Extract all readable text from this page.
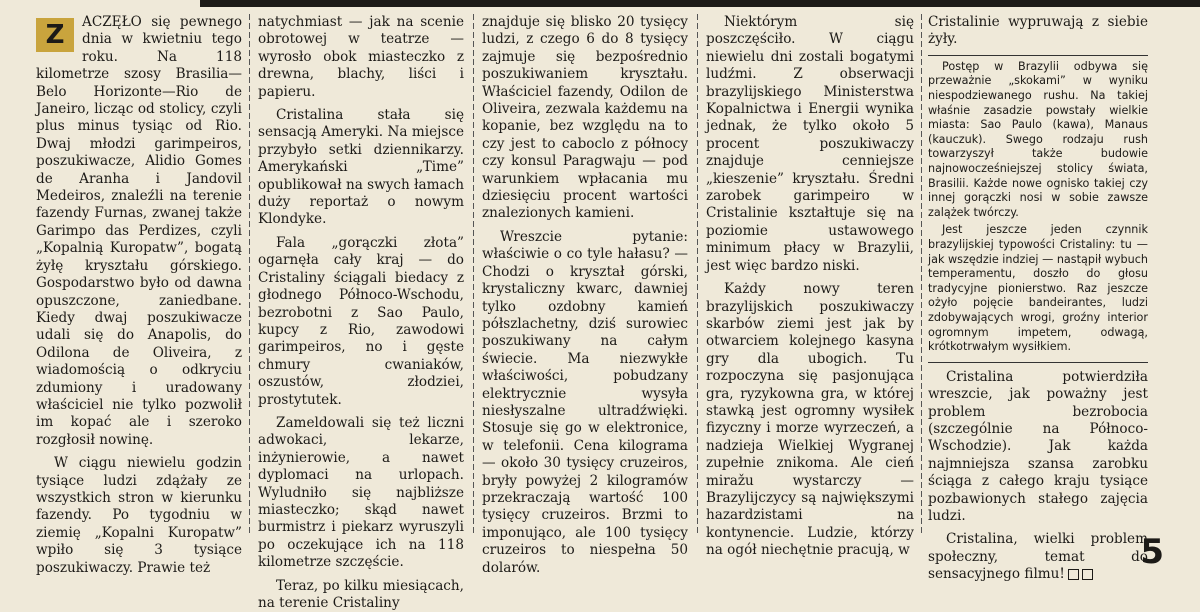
Z	ACZĘŁO się pewnego dnia w kwietniu tego roku. Na 118 kilometrze szosy Brasilia—Belo Horizonte—Rio de Janeiro, licząc od stolicy, czyli plus minus tysiąc od Rio. Dwaj młodzi garimpeiros, poszukiwacze, Alidio Gomes de Aranha i Jandovil Medeiros, znaleźli na terenie fazendy Furnas, zwanej także Garimpo das Perdizes, czyli „Kopalnią Kuropatw”, bogatą żyłę kryształu górskiego. Gospodarstwo było od dawna opuszczone, zaniedbane. Kiedy dwaj poszukiwacze udali się do Anapolis, do Odilona de Oliveira, z wiadomością o odkryciu zdumiony i uradowany właściciel nie tylko pozwolił im kopać ale i szeroko rozgłosił nowinę.

W ciągu niewielu godzin tysiące ludzi zdążały ze wszystkich stron w kierunku fazendy. Po tygodniu w ziemię „Kopalni Kuropatw” wpiło się 3 tysiące poszukiwaczy. Prawie też

natychmiast — jak na scenie obrotowej w teatrze — wyrosło obok miasteczko z drewna, blachy, liści i papieru.

Cristalina stała się sensacją Ameryki. Na miejsce przybyło setki dziennikarzy. Amerykański „Time” opublikował na swych łamach duży reportaż o nowym Klondyke.

Fala „gorączki złota” ogarnęła cały kraj — do Cristaliny ściągali biedacy z głodnego Północo-Wschodu, bezrobotni z Sao Paulo, kupcy z Rio, zawodowi garimpeiros, no i gęste chmury cwaniaków, oszustów, złodziei, prostytutek.

Zameldowali się też liczni adwokaci, lekarze, inżynierowie, a nawet dyplomaci na urlopach. Wyludniło się najbliższe miasteczko; skąd nawet burmistrz i piekarz wyruszyli po oczekujące ich na 118 kilometrze szczęście.

Teraz, po kilku miesiącach, na terenie Cristaliny

znajduje się blisko 20 tysięcy ludzi, z czego 6 do 8 tysięcy zajmuje się bezpośrednio poszukiwaniem kryształu. Właściciel fazendy, Odilon de Oliveira, zezwala każdemu na kopanie, bez względu na to czy jest to caboclo z północy czy konsul Paragwaju — pod warunkiem wpłacania mu dziesięciu procent wartości znalezionych kamieni.

Wreszcie pytanie: właściwie o co tyle hałasu? — Chodzi o kryształ górski, krystaliczny kwarc, dawniej tylko ozdobny kamień półszlachetny, dziś surowiec poszukiwany na całym świecie. Ma niezwykłe właściwości, pobudzany elektrycznie wysyła niesłyszalne ultradźwięki. Stosuje się go w elektronice, w telefonii. Cena kilograma — około 30 tysięcy cruzeiros, bryły powyżej 2 kilogramów przekraczają wartość 100 tysięcy cruzeiros. Brzmi to imponująco, ale 100 tysięcy cruzeiros to niespełna 50 dolarów.

Niektórym się poszczęściło. W ciągu niewielu dni zostali bogatymi ludźmi. Z obserwacji brazylijskiego Ministerstwa Kopalnictwa i Energii wynika jednak, że tylko około 5 procent poszukiwaczy znajduje cenniejsze „kieszenie” kryształu. Średni zarobek garimpeiro w Cristalinie kształtuje się na poziomie ustawowego minimum płacy w Brazylii, jest więc bardzo niski.

Każdy nowy teren brazylijskich poszukiwaczy skarbów ziemi jest jak by otwarciem kolejnego kasyna gry dla ubogich. Tu rozpoczyna się pasjonująca gra, ryzykowna gra, w której stawką jest ogromny wysiłek fizyczny i morze wyrzeczeń, a nadzieja Wielkiej Wygranej zupełnie znikoma. Ale cień miražu wystarczy — Brazylijczycy są największymi hazardzistami na kontynencie. Ludzie, którzy na ogół niechętnie pracują, w

Cristalinie wypruwają z siebie żyły.

Postęp w Brazylii odbywa się przeważnie „skokami” w wyniku niespodziewanego rushu. Na takiej właśnie zasadzie powstały wielkie miasta: Sao Paulo (kawa), Manaus (kauczuk). Swego rodzaju rush towarzyszył także budowie najnowocześniejszej stolicy świata, Brasilii. Każde nowe ognisko takiej czy innej gorączki nosi w sobie zawsze zalążek twórczy.

Jest jeszcze jeden czynnik brazylijskiej typowości Cristaliny: tu — jak wszędzie indziej — nastąpił wybuch temperamentu, doszło do głosu tradycyjne pionierstwo. Raz jeszcze ożyło pojęcie bandeirantes, ludzi zdobywających wrogi, groźny interior ogromnym impetem, odwagą, krótkotrwałym wysiłkiem.

Cristalina potwierdziła wreszcie, jak poważny jest problem bezrobocia (szczególnie na Północo-Wschodzie). Jak każda najmniejsza szansa zarobku ściąga z całego kraju tysiące pozbawionych stałego zajęcia ludzi.

Cristalina, wielki problem społeczny, temat do sensacyjnego filmu!

5
